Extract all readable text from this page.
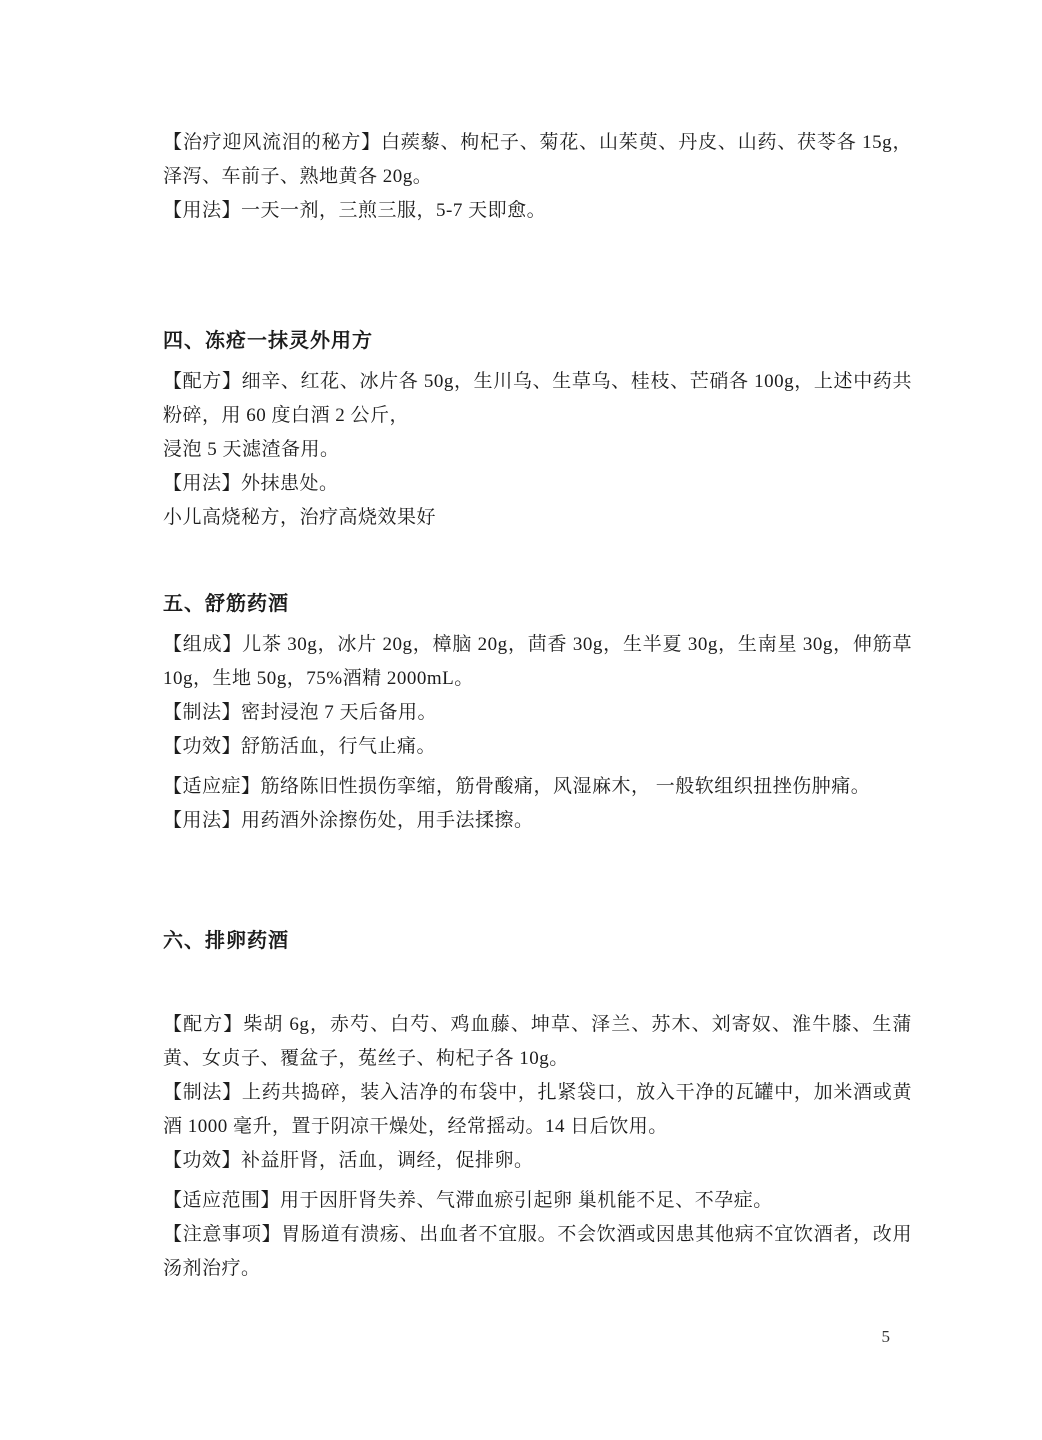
【治疗迎风流泪的秘方】白蒺藜、枸杞子、菊花、山茱萸、丹皮、山药、茯苓各 15g，泽泻、车前子、熟地黄各 20g。

【用法】一天一剂，三煎三服，5-7 天即愈。

四、冻疮一抹灵外用方

【配方】细辛、红花、冰片各 50g，生川乌、生草乌、桂枝、芒硝各 100g，上述中药共粉碎，用 60 度白酒 2 公斤，

浸泡 5 天滤渣备用。

【用法】外抹患处。

小儿高烧秘方，治疗高烧效果好

五、舒筋药酒

【组成】儿茶 30g，冰片 20g，樟脑 20g，茴香 30g，生半夏 30g，生南星 30g，伸筋草 10g，生地 50g，75%酒精 2000mL。

【制法】密封浸泡 7 天后备用。

【功效】舒筋活血，行气止痛。

【适应症】筋络陈旧性损伤挛缩，筋骨酸痛，风湿麻木， 一般软组织扭挫伤肿痛。

【用法】用药酒外涂擦伤处，用手法揉擦。

六、排卵药酒

【配方】柴胡 6g，赤芍、白芍、鸡血藤、坤草、泽兰、苏木、刘寄奴、淮牛膝、生蒲黄、女贞子、覆盆子，菟丝子、枸杞子各 10g。

【制法】上药共捣碎，装入洁净的布袋中，扎紧袋口，放入干净的瓦罐中，加米酒或黄酒 1000 毫升，置于阴凉干燥处，经常摇动。14 日后饮用。

【功效】补益肝肾，活血，调经，促排卵。

【适应范围】用于因肝肾失养、气滞血瘀引起卵 巢机能不足、不孕症。

【注意事项】胃肠道有溃疡、出血者不宜服。不会饮酒或因患其他病不宜饮酒者，改用汤剂治疗。

5
